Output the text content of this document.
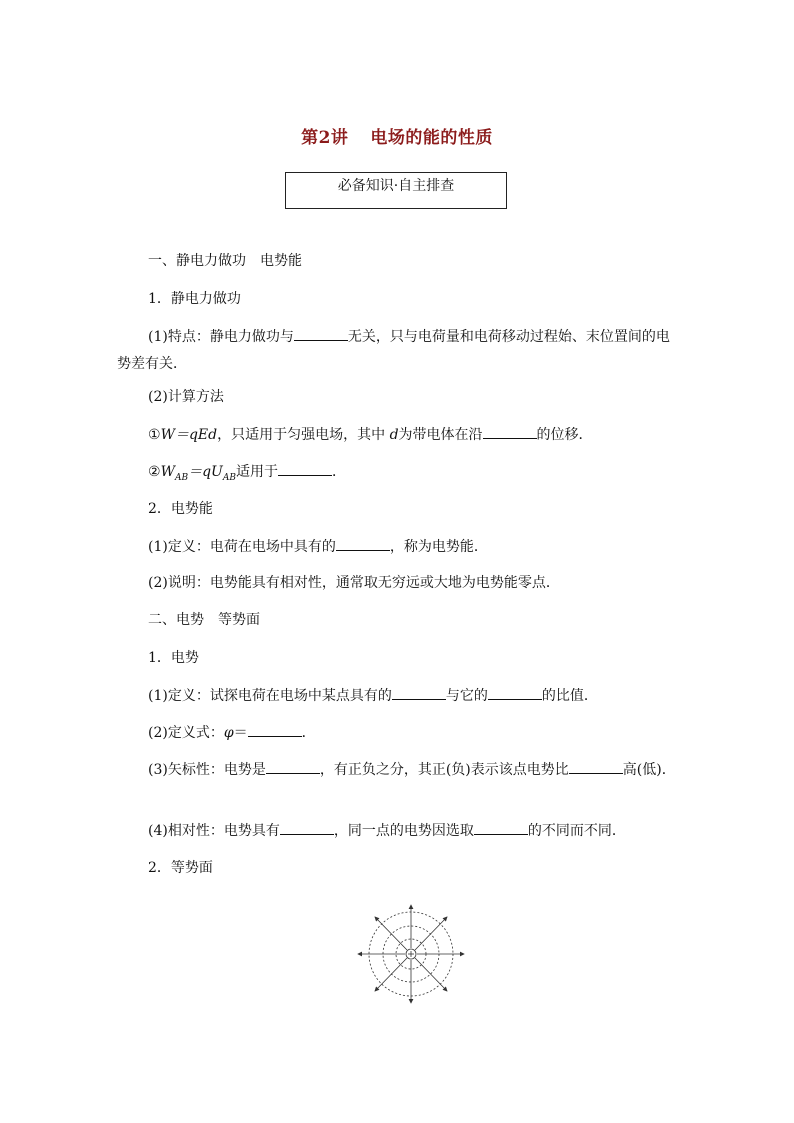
第2讲 电场的能的性质
必备知识·自主排查
一、静电力做功　电势能
1．静电力做功
(1)特点：静电力做功与	无关，只与电荷量和电荷移动过程始、末位置间的电势差有关．
(2)计算方法
①W＝qEd，只适用于匀强电场，其中 d为带电体在沿	的位移．
$②W_{AB}=qU_{AB}$适用于	．
2．电势能
(1)定义：电荷在电场中具有的	，称为电势能．
(2)说明：电势能具有相对性，通常取无穷远或大地为电势能零点．
二、电势　等势面
1．电势
(1)定义：试探电荷在电场中某点具有的	与它的	的比值．
(2)定义式：φ＝	．
(3)矢标性：电势是	，有正负之分，其正(负)表示该点电势比	高(低)．
(4)相对性：电势具有	，同一点的电势因选取	的不同而不同．
2．等势面
